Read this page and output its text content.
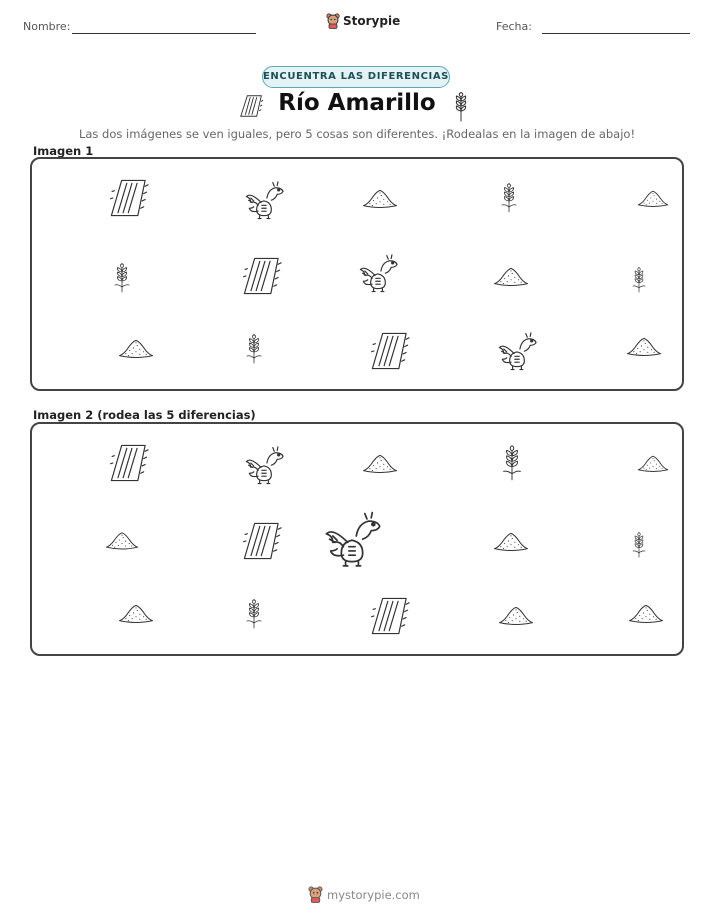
Nombre:	Storypie	Fecha:
ENCUENTRA LAS DIFERENCIAS
Río Amarillo
Las dos imágenes se ven iguales, pero 5 cosas son diferentes. ¡Rodealas en la imagen de abajo!
Imagen 1
Imagen 2 (rodea las 5 diferencias)
mystorypie.com
